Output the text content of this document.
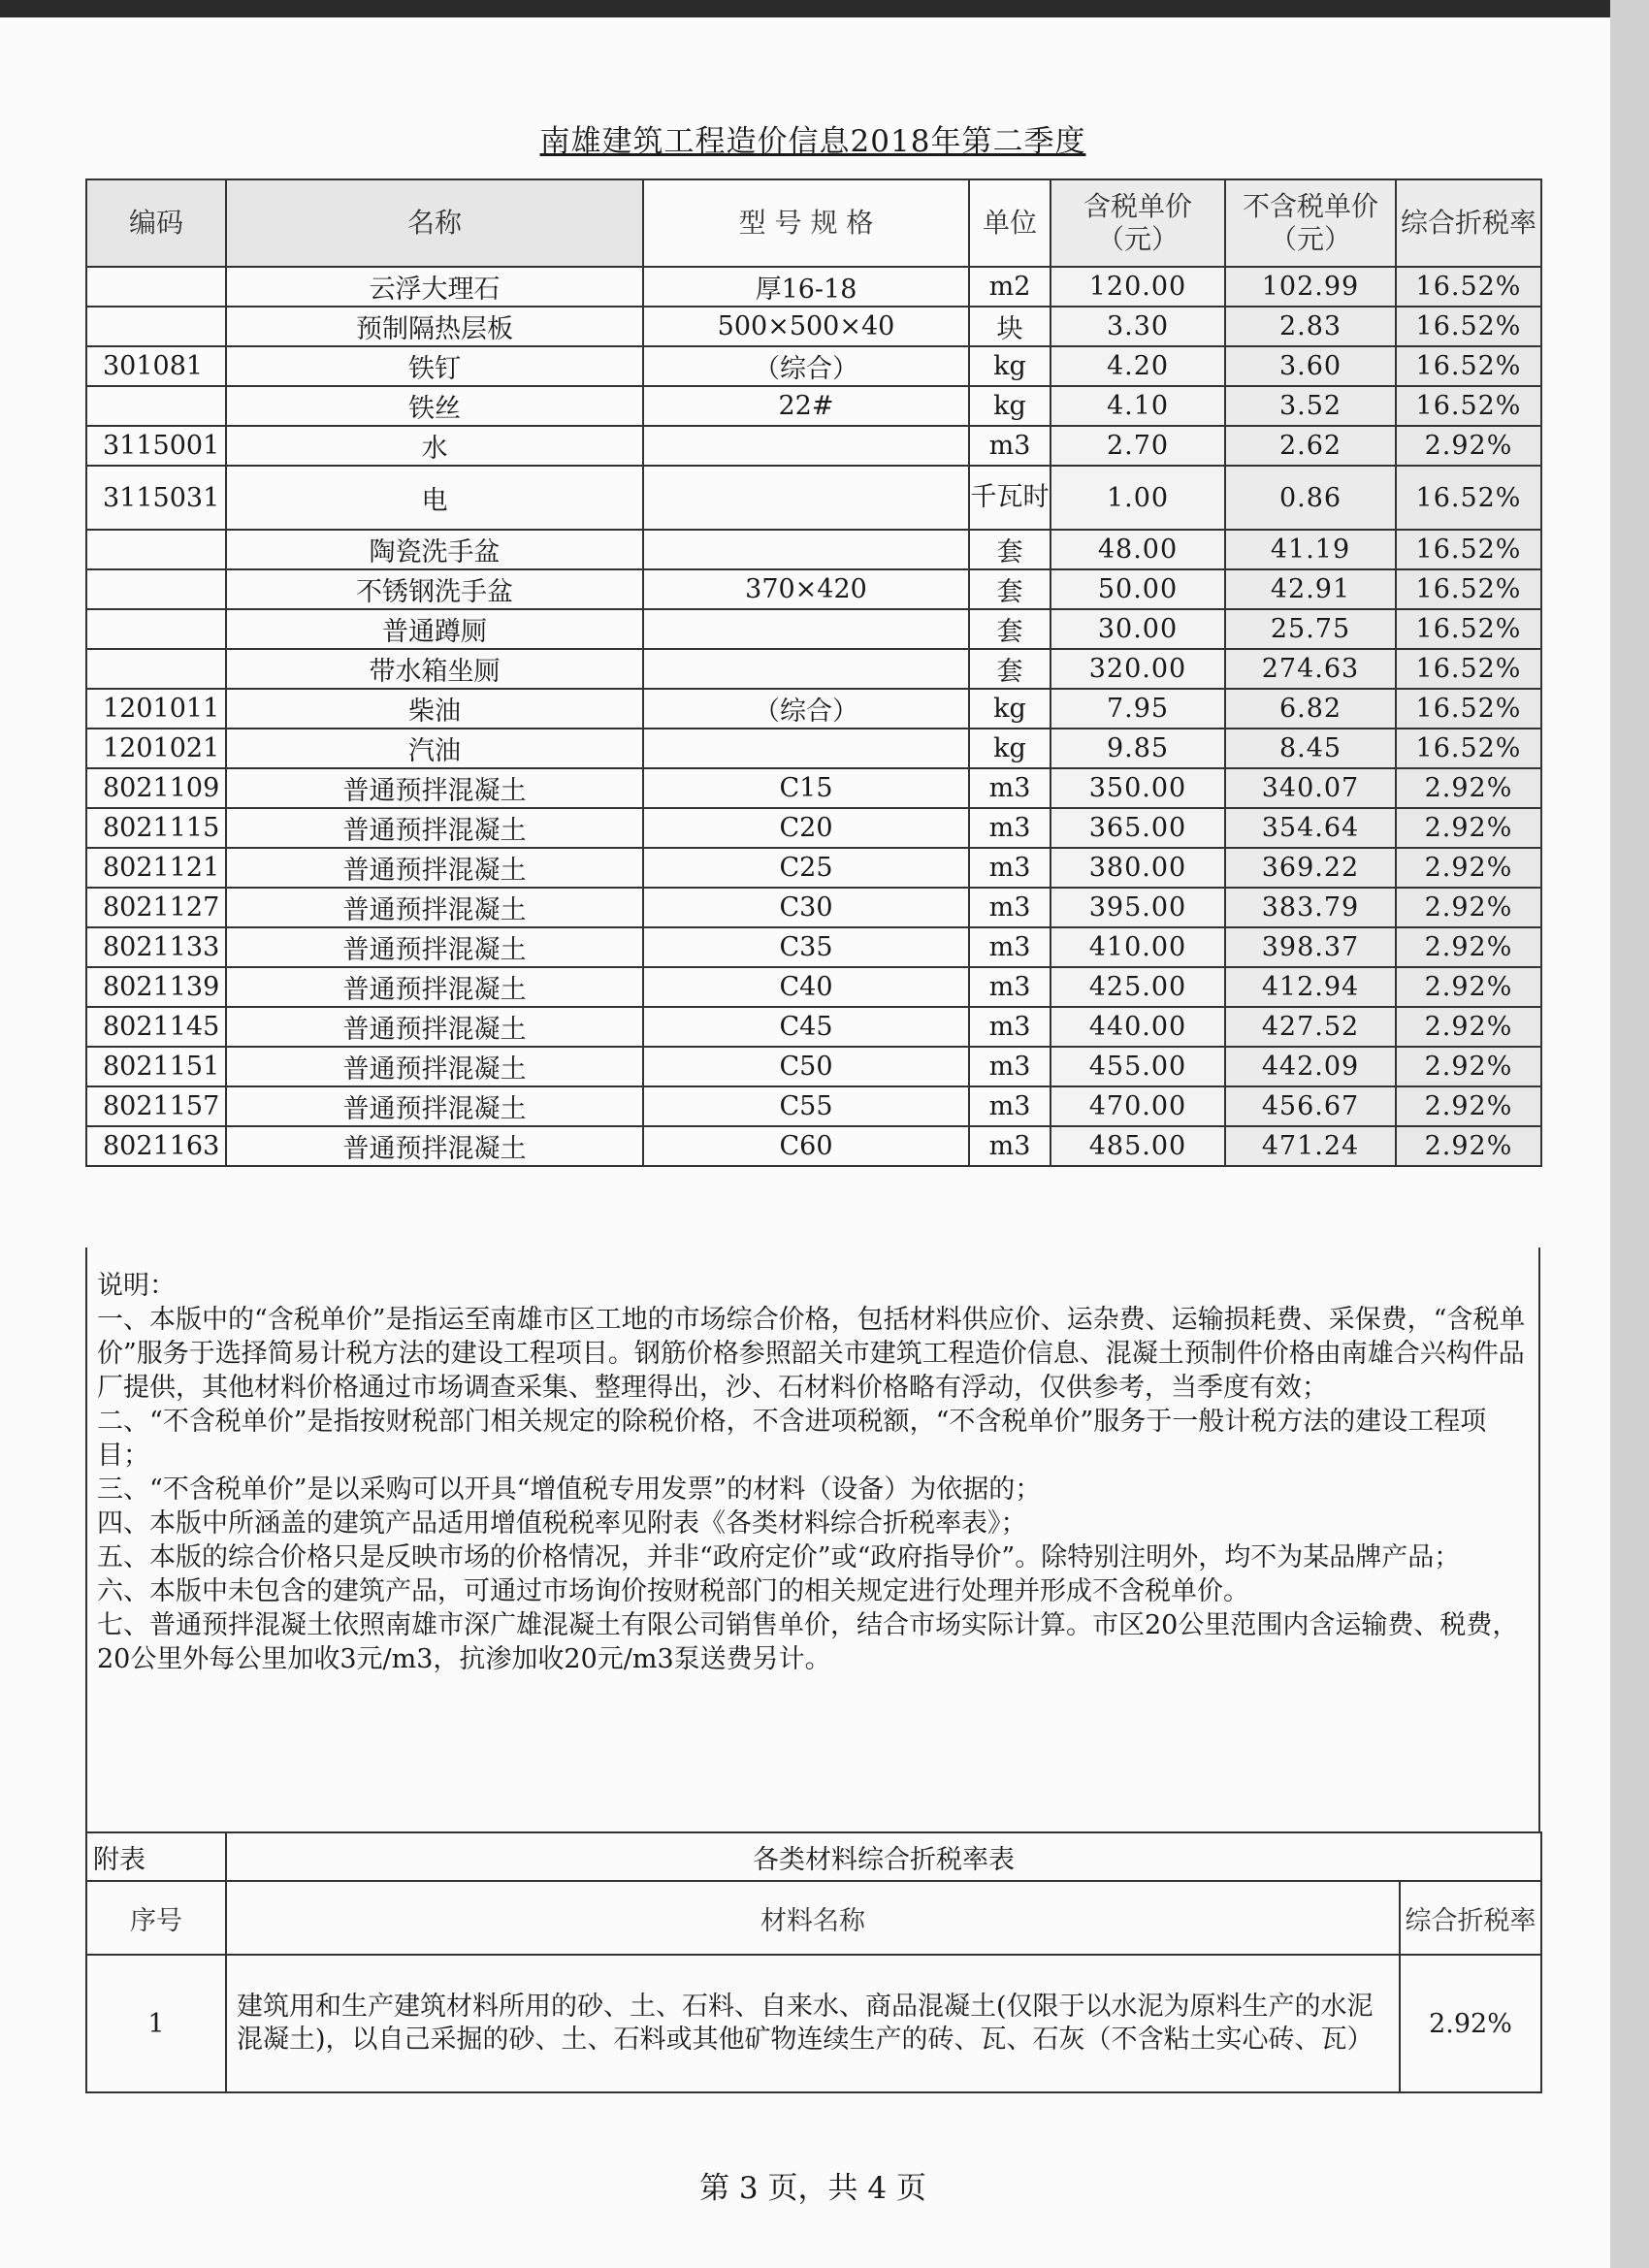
南雄建筑工程造价信息2018年第二季度
编码	名称	型 号 规 格	单位	含税单价（元）	不含税单价（元）	综合折税率
	云浮大理石	厚16-18	m2	120.00	102.99	16.52%
	预制隔热层板	500×500×40	块	3.30	2.83	16.52%
301081	铁钉	（综合）	kg	4.20	3.60	16.52%
	铁丝	22#	kg	4.10	3.52	16.52%
3115001	水		m3	2.70	2.62	2.92%
3115031	电		千瓦时	1.00	0.86	16.52%
	陶瓷洗手盆		套	48.00	41.19	16.52%
	不锈钢洗手盆	370×420	套	50.00	42.91	16.52%
	普通蹲厕		套	30.00	25.75	16.52%
	带水箱坐厕		套	320.00	274.63	16.52%
1201011	柴油	（综合）	kg	7.95	6.82	16.52%
1201021	汽油		kg	9.85	8.45	16.52%
8021109	普通预拌混凝土	C15	m3	350.00	340.07	2.92%
8021115	普通预拌混凝土	C20	m3	365.00	354.64	2.92%
8021121	普通预拌混凝土	C25	m3	380.00	369.22	2.92%
8021127	普通预拌混凝土	C30	m3	395.00	383.79	2.92%
8021133	普通预拌混凝土	C35	m3	410.00	398.37	2.92%
8021139	普通预拌混凝土	C40	m3	425.00	412.94	2.92%
8021145	普通预拌混凝土	C45	m3	440.00	427.52	2.92%
8021151	普通预拌混凝土	C50	m3	455.00	442.09	2.92%
8021157	普通预拌混凝土	C55	m3	470.00	456.67	2.92%
8021163	普通预拌混凝土	C60	m3	485.00	471.24	2.92%

说明：

一、本版中的“含税单价”是指运至南雄市区工地的市场综合价格，包括材料供应价、运杂费、运输损耗费、采保费，“含税单价”服务于选择简易计税方法的建设工程项目。钢筋价格参照韶关市建筑工程造价信息、混凝土预制件价格由南雄合兴构件品厂提供，其他材料价格通过市场调查采集、整理得出，沙、石材料价格略有浮动，仅供参考，当季度有效；

二、“不含税单价”是指按财税部门相关规定的除税价格，不含进项税额，“不含税单价”服务于一般计税方法的建设工程项目；

三、“不含税单价”是以采购可以开具“增值税专用发票”的材料（设备）为依据的；

四、本版中所涵盖的建筑产品适用增值税税率见附表《各类材料综合折税率表》；

五、本版的综合价格只是反映市场的价格情况，并非“政府定价”或“政府指导价”。除特别注明外，均不为某品牌产品；

六、本版中未包含的建筑产品，可通过市场询价按财税部门的相关规定进行处理并形成不含税单价。

七、普通预拌混凝土依照南雄市深广雄混凝土有限公司销售单价，结合市场实际计算。市区20公里范围内含运输费、税费，20公里外每公里加收3元/m3，抗渗加收20元/m3泵送费另计。

附表	各类材料综合折税率表	
序号	材料名称	综合折税率
1	建筑用和生产建筑材料所用的砂、土、石料、自来水、商品混凝土(仅限于以水泥为原料生产的水泥混凝土)，以自己采掘的砂、土、石料或其他矿物连续生产的砖、瓦、石灰（不含粘土实心砖、瓦）	2.92%
第 3 页，共 4 页
